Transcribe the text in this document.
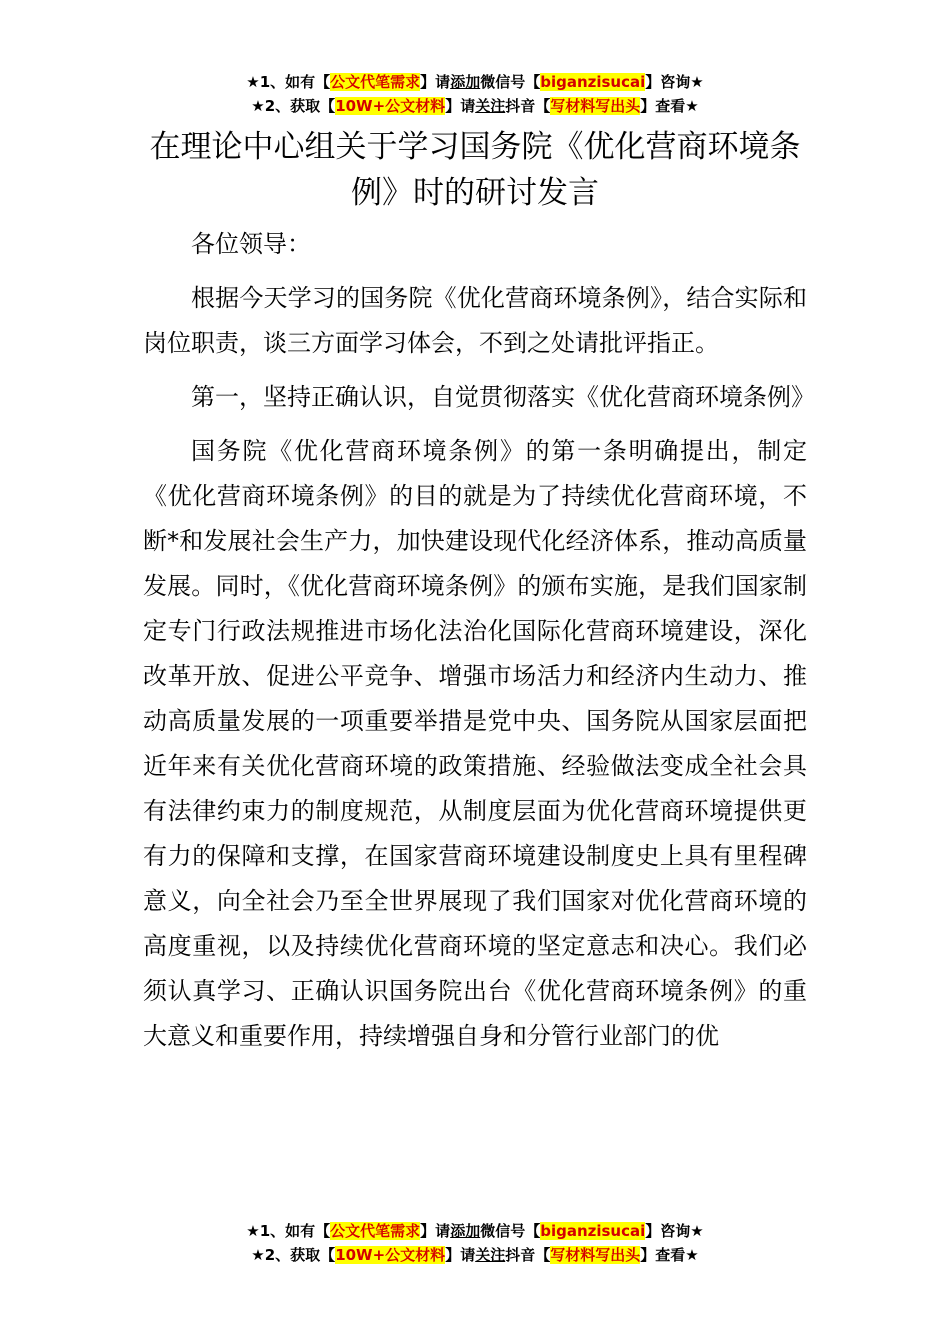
★1、如有【公文代笔需求】请添加微信号【biganzisucai】咨询★
★2、获取【10W+公文材料】请关注抖音【写材料写出头】查看★
在理论中心组关于学习国务院《优化营商环境条例》时的研讨发言

各位领导：

根据今天学习的国务院《优化营商环境条例》，结合实际和岗位职责，谈三方面学习体会，不到之处请批评指正。

第一，坚持正确认识，自觉贯彻落实《优化营商环境条例》

国务院《优化营商环境条例》的第一条明确提出，制定《优化营商环境条例》的目的就是为了持续优化营商环境，不断*和发展社会生产力，加快建设现代化经济体系，推动高质量发展。同时，《优化营商环境条例》的颁布实施，是我们国家制定专门行政法规推进市场化法治化国际化营商环境建设，深化改革开放、促进公平竞争、增强市场活力和经济内生动力、推动高质量发展的一项重要举措是党中央、国务院从国家层面把近年来有关优化营商环境的政策措施、经验做法变成全社会具有法律约束力的制度规范，从制度层面为优化营商环境提供更有力的保障和支撑，在国家营商环境建设制度史上具有里程碑意义，向全社会乃至全世界展现了我们国家对优化营商环境的高度重视，以及持续优化营商环境的坚定意志和决心。我们必须认真学习、正确认识国务院出台《优化营商环境条例》的重大意义和重要作用，持续增强自身和分管行业部门的优

★1、如有【公文代笔需求】请添加微信号【biganzisucai】咨询★
★2、获取【10W+公文材料】请关注抖音【写材料写出头】查看★
